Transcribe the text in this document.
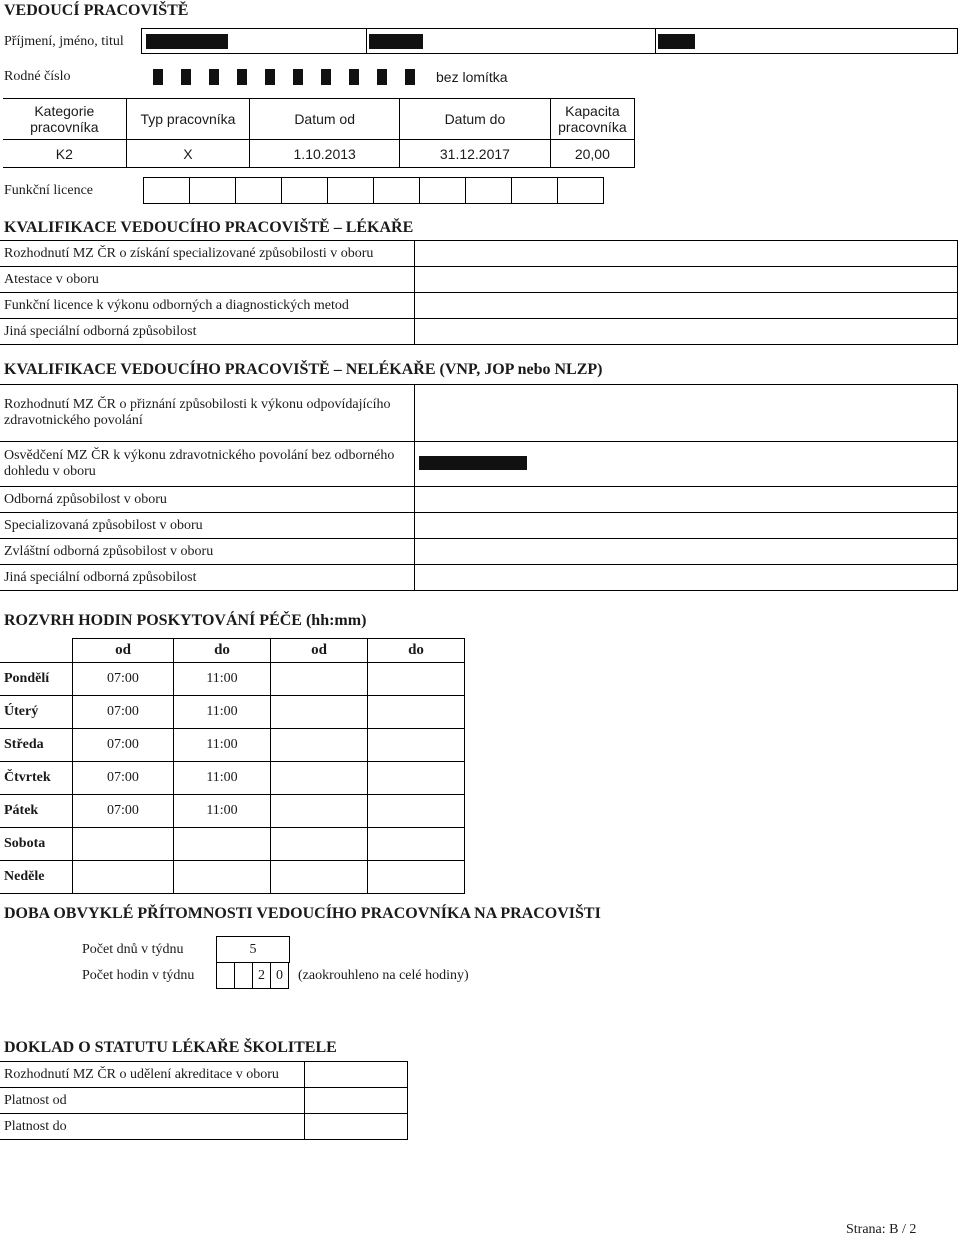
VEDOUCÍ PRACOVIŠTĚ
Příjmení, jméno, titul
Rodné číslo	bez lomítka
Kategorie pracovníka	Typ pracovníka	Datum od	Datum do	Kapacita pracovníka
K2	X	1.10.2013	31.12.2017	20,00
Funkční licence
KVALIFIKACE VEDOUCÍHO PRACOVIŠTĚ – LÉKAŘE
Rozhodnutí MZ ČR o získání specializované způsobilosti v oboru	
Atestace v oboru	
Funkční licence k výkonu odborných a diagnostických metod	
Jiná speciální odborná způsobilost	
KVALIFIKACE VEDOUCÍHO PRACOVIŠTĚ – NELÉKAŘE (VNP, JOP nebo NLZP)
Rozhodnutí MZ ČR o přiznání způsobilosti k výkonu odpovídajícího zdravotnického povolání	
Osvědčení MZ ČR k výkonu zdravotnického povolání bez odborného dohledu v oboru	

Odborná způsobilost v oboru	
Specializovaná způsobilost v oboru	
Zvláštní odborná způsobilost v oboru	
Jiná speciální odborná způsobilost	
ROZVRH HODIN POSKYTOVÁNÍ PÉČE (hh:mm)
	od	do	od	do
Pondělí	07:00	11:00		
Úterý	07:00	11:00		
Středa	07:00	11:00		
Čtvrtek	07:00	11:00		
Pátek	07:00	11:00		
Sobota				
Neděle				
DOBA OBVYKLÉ PŘÍTOMNOSTI VEDOUCÍHO PRACOVNÍKA NA PRACOVIŠTI
Počet dnů v týdnu	5
Počet hodin v týdnu	2 0	(zaokrouhleno na celé hodiny)
DOKLAD O STATUTU LÉKAŘE ŠKOLITELE
Rozhodnutí MZ ČR o udělení akreditace v oboru	
Platnost od	
Platnost do	
Strana: B / 2
